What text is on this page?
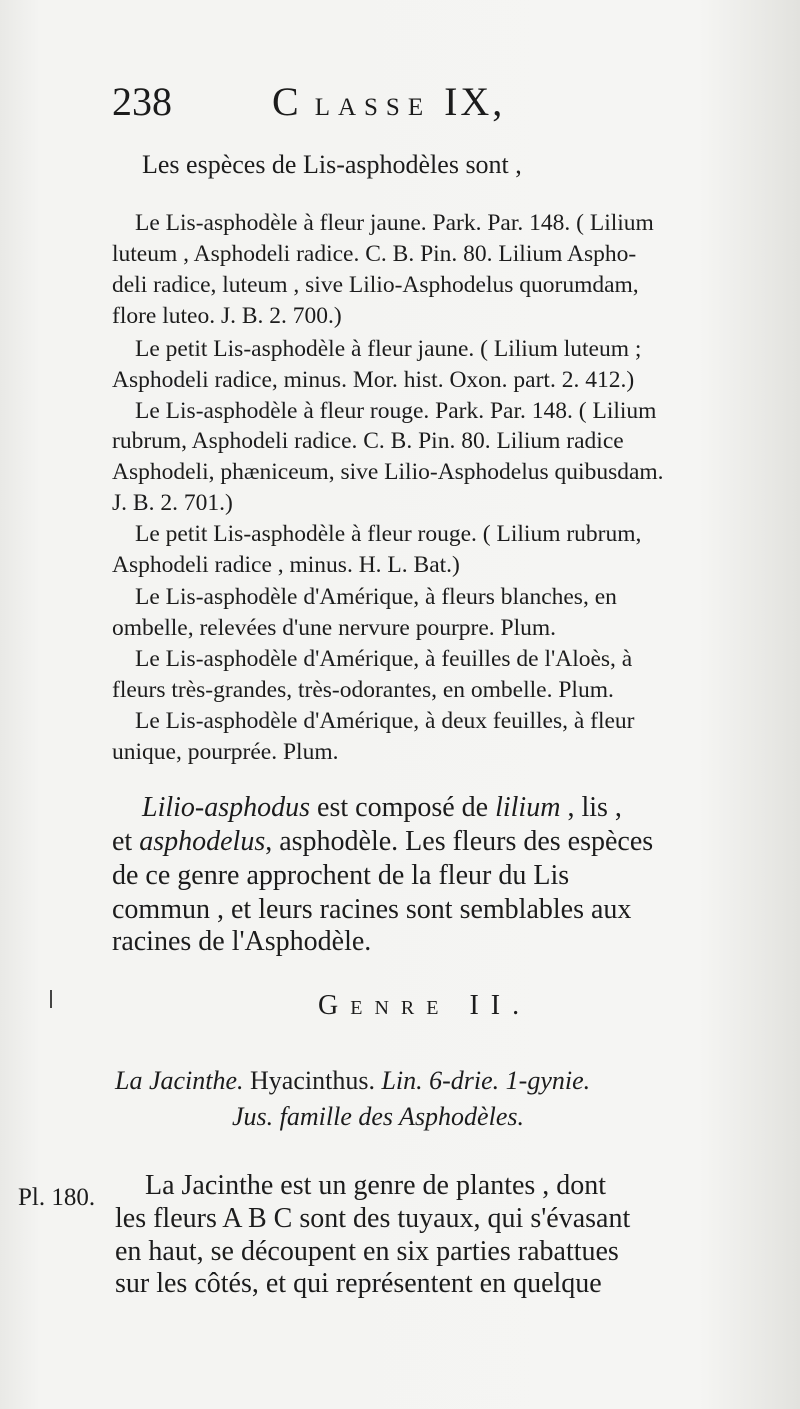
238	C LASSE IX,
Les espèces de Lis-asphodèles sont ,
Le Lis-asphodèle à fleur jaune. Park. Par. 148. ( Lilium
luteum , Asphodeli radice. C. B. Pin. 80. Lilium Aspho-
deli radice, luteum , sive Lilio-Asphodelus quorumdam,
flore luteo. J. B. 2. 700.)
Le petit Lis-asphodèle à fleur jaune. ( Lilium luteum ;
Asphodeli radice, minus. Mor. hist. Oxon. part. 2. 412.)
Le Lis-asphodèle à fleur rouge. Park. Par. 148. ( Lilium
rubrum, Asphodeli radice. C. B. Pin. 80. Lilium radice
Asphodeli, phæniceum, sive Lilio-Asphodelus quibusdam.
J. B. 2. 701.)
Le petit Lis-asphodèle à fleur rouge. ( Lilium rubrum,
Asphodeli radice , minus. H. L. Bat.)
Le Lis-asphodèle d'Amérique, à fleurs blanches, en
ombelle, relevées d'une nervure pourpre. Plum.
Le Lis-asphodèle d'Amérique, à feuilles de l'Aloès, à
fleurs très-grandes, très-odorantes, en ombelle. Plum.
Le Lis-asphodèle d'Amérique, à deux feuilles, à fleur
unique, pourprée. Plum.
Lilio-asphodus est composé de lilium , lis ,
et asphodelus, asphodèle. Les fleurs des espèces
de ce genre approchent de la fleur du Lis
commun , et leurs racines sont semblables aux
racines de l'Asphodèle.
GENRE II.
La Jacinthe. Hyacinthus. Lin. 6-drie. 1-gynie.
Jus. famille des Asphodèles.
Pl. 180. La Jacinthe est un genre de plantes , dont
les fleurs A B C sont des tuyaux, qui s'évasant
en haut, se découpent en six parties rabattues
sur les côtés, et qui représentent en quelque
